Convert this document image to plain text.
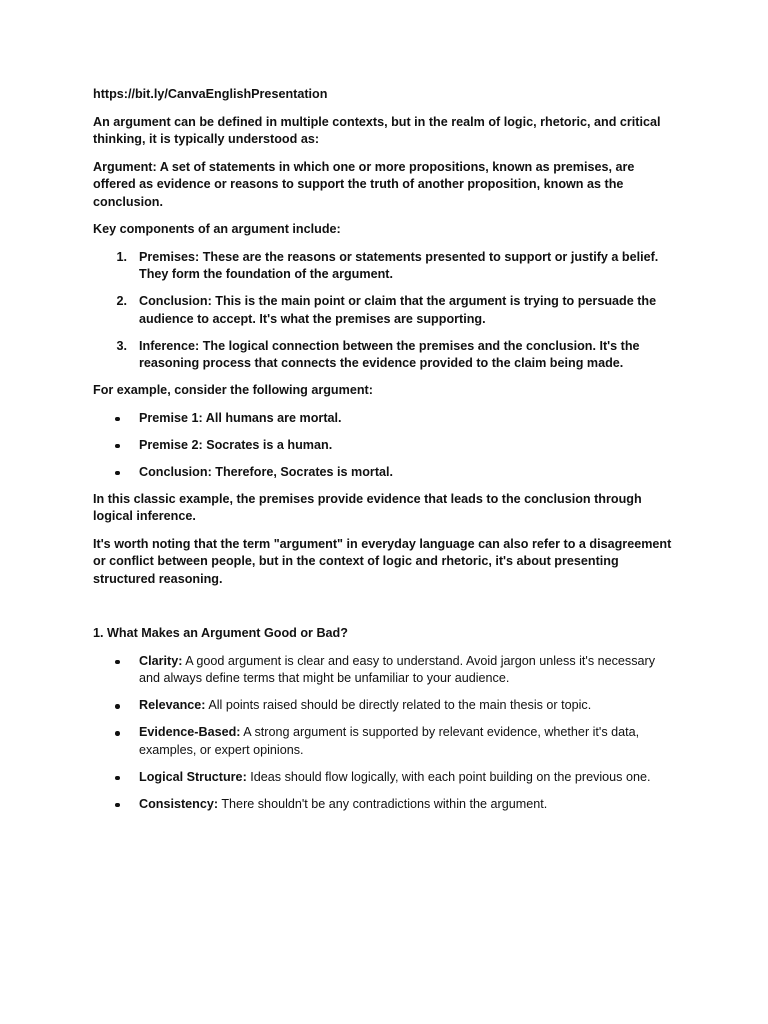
https://bit.ly/CanvaEnglishPresentation

An argument can be defined in multiple contexts, but in the realm of logic, rhetoric, and critical thinking, it is typically understood as:

Argument: A set of statements in which one or more propositions, known as premises, are offered as evidence or reasons to support the truth of another proposition, known as the conclusion.

Key components of an argument include:

1. Premises: These are the reasons or statements presented to support or justify a belief. They form the foundation of the argument.
2. Conclusion: This is the main point or claim that the argument is trying to persuade the audience to accept. It's what the premises are supporting.
3. Inference: The logical connection between the premises and the conclusion. It's the reasoning process that connects the evidence provided to the claim being made.

For example, consider the following argument:

Premise 1: All humans are mortal.
Premise 2: Socrates is a human.
Conclusion: Therefore, Socrates is mortal.

In this classic example, the premises provide evidence that leads to the conclusion through logical inference.

It's worth noting that the term "argument" in everyday language can also refer to a disagreement or conflict between people, but in the context of logic and rhetoric, it's about presenting structured reasoning.

1. What Makes an Argument Good or Bad?

Clarity: A good argument is clear and easy to understand. Avoid jargon unless it's necessary and always define terms that might be unfamiliar to your audience.
Relevance: All points raised should be directly related to the main thesis or topic.
Evidence-Based: A strong argument is supported by relevant evidence, whether it's data, examples, or expert opinions.
Logical Structure: Ideas should flow logically, with each point building on the previous one.
Consistency: There shouldn't be any contradictions within the argument.
